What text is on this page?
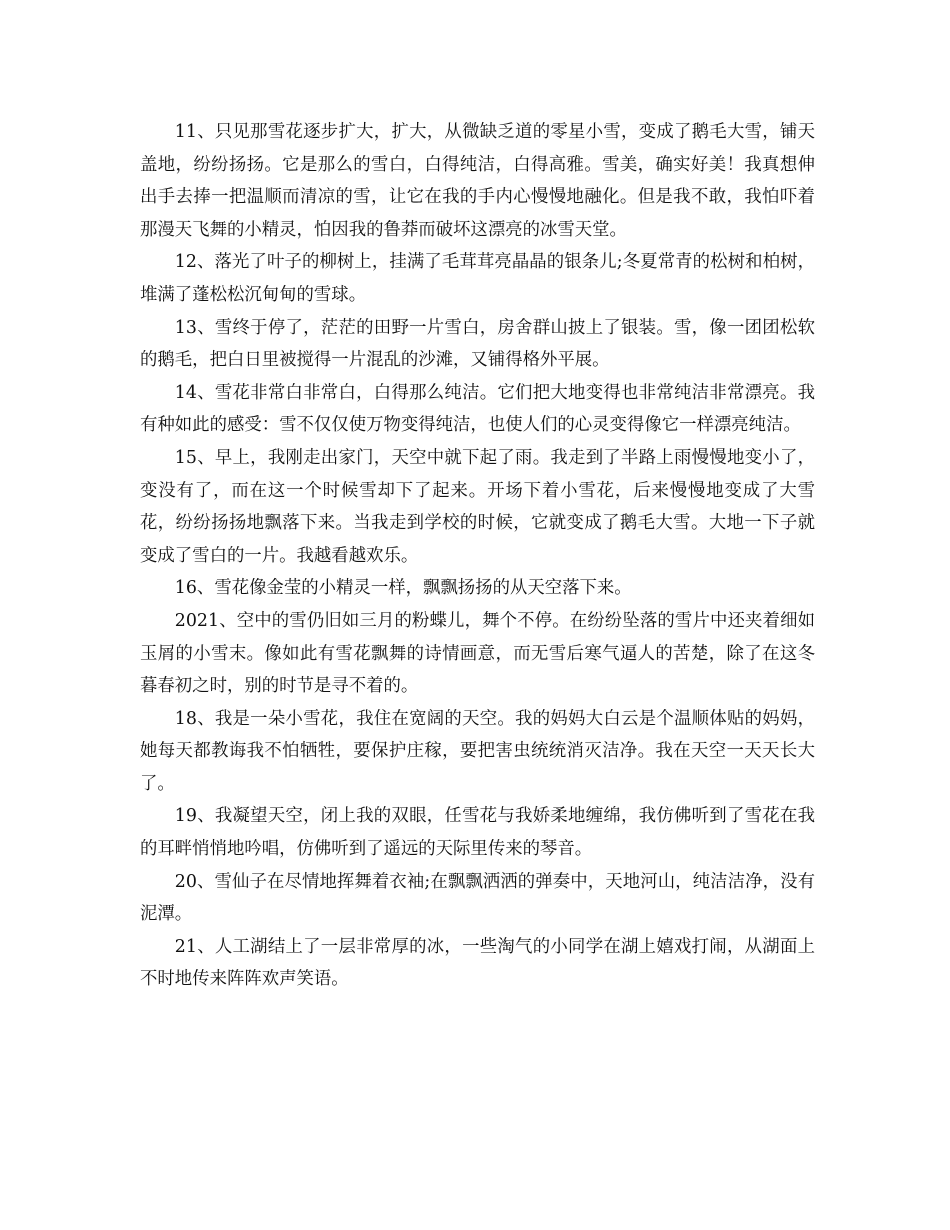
11、只见那雪花逐步扩大，扩大，从微缺乏道的零星小雪，变成了鹅毛大雪，铺天盖地，纷纷扬扬。它是那么的雪白，白得纯洁，白得高雅。雪美，确实好美！我真想伸出手去捧一把温顺而清凉的雪，让它在我的手内心慢慢地融化。但是我不敢，我怕吓着那漫天飞舞的小精灵，怕因我的鲁莽而破坏这漂亮的冰雪天堂。

12、落光了叶子的柳树上，挂满了毛茸茸亮晶晶的银条儿;冬夏常青的松树和柏树，堆满了蓬松松沉甸甸的雪球。

13、雪终于停了，茫茫的田野一片雪白，房舍群山披上了银装。雪，像一团团松软的鹅毛，把白日里被搅得一片混乱的沙滩，又铺得格外平展。

14、雪花非常白非常白，白得那么纯洁。它们把大地变得也非常纯洁非常漂亮。我有种如此的感受：雪不仅仅使万物变得纯洁，也使人们的心灵变得像它一样漂亮纯洁。

15、早上，我刚走出家门，天空中就下起了雨。我走到了半路上雨慢慢地变小了，变没有了，而在这一个时候雪却下了起来。开场下着小雪花，后来慢慢地变成了大雪花，纷纷扬扬地飘落下来。当我走到学校的时候，它就变成了鹅毛大雪。大地一下子就变成了雪白的一片。我越看越欢乐。

16、雪花像金莹的小精灵一样，飘飘扬扬的从天空落下来。

2021、空中的雪仍旧如三月的粉蝶儿，舞个不停。在纷纷坠落的雪片中还夹着细如玉屑的小雪末。像如此有雪花飘舞的诗情画意，而无雪后寒气逼人的苦楚，除了在这冬暮春初之时，别的时节是寻不着的。

18、我是一朵小雪花，我住在宽阔的天空。我的妈妈大白云是个温顺体贴的妈妈，她每天都教诲我不怕牺牲，要保护庄稼，要把害虫统统消灭洁净。我在天空一天天长大了。

19、我凝望天空，闭上我的双眼，任雪花与我娇柔地缠绵，我仿佛听到了雪花在我的耳畔悄悄地吟唱，仿佛听到了遥远的天际里传来的琴音。

20、雪仙子在尽情地挥舞着衣袖;在飘飘洒洒的弹奏中，天地河山，纯洁洁净，没有泥潭。

21、人工湖结上了一层非常厚的冰，一些淘气的小同学在湖上嬉戏打闹，从湖面上不时地传来阵阵欢声笑语。
